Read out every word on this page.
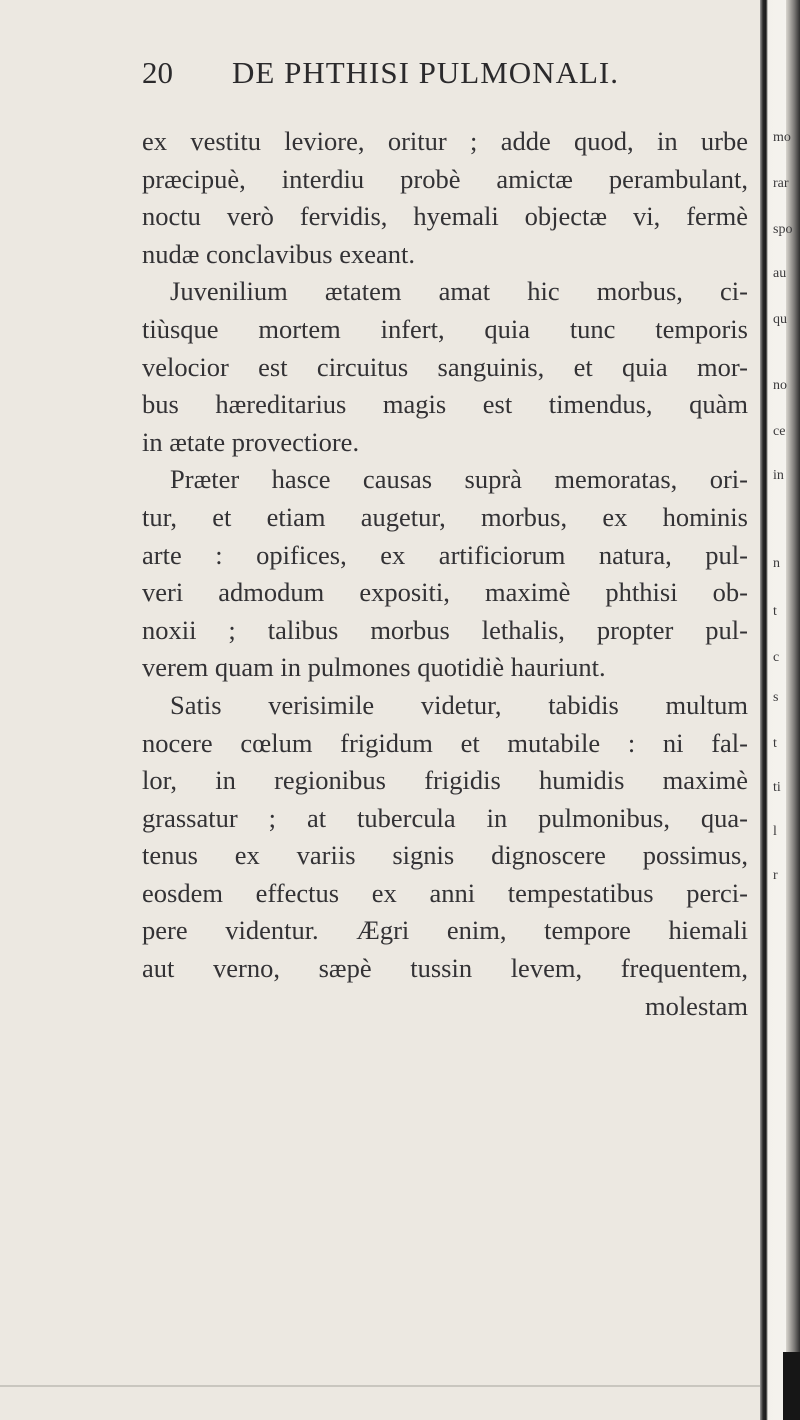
20 DE PHTHISI PULMONALI.
ex vestitu leviore, oritur ; adde quod, in urbe
præcipuè, interdiu probè amictæ perambulant,
noctu verò fervidis, hyemali objectæ vi, fermè
nudæ conclavibus exeant.
Juvenilium ætatem amat hic morbus, ci-
tiùsque mortem infert, quia tunc temporis
velocior est circuitus sanguinis, et quia mor-
bus hæreditarius magis est timendus, quàm
in ætate provectiore.
Præter hasce causas suprà memoratas, ori-
tur, et etiam augetur, morbus, ex hominis
arte : opifices, ex artificiorum natura, pul-
veri admodum expositi, maximè phthisi ob-
noxii ; talibus morbus lethalis, propter pul-
verem quam in pulmones quotidiè hauriunt.
Satis verisimile videtur, tabidis multum
nocere cœlum frigidum et mutabile : ni fal-
lor, in regionibus frigidis humidis maximè
grassatur ; at tubercula in pulmonibus, qua-
tenus ex variis signis dignoscere possimus,
eosdem effectus ex anni tempestatibus perci-
pere videntur. Ægri enim, tempore hiemali
aut verno, sæpè tussin levem, frequentem,
molestam
mo
rar
spo
au
qu
no
ce
in
n
t
c
s
t
ti
l
r
